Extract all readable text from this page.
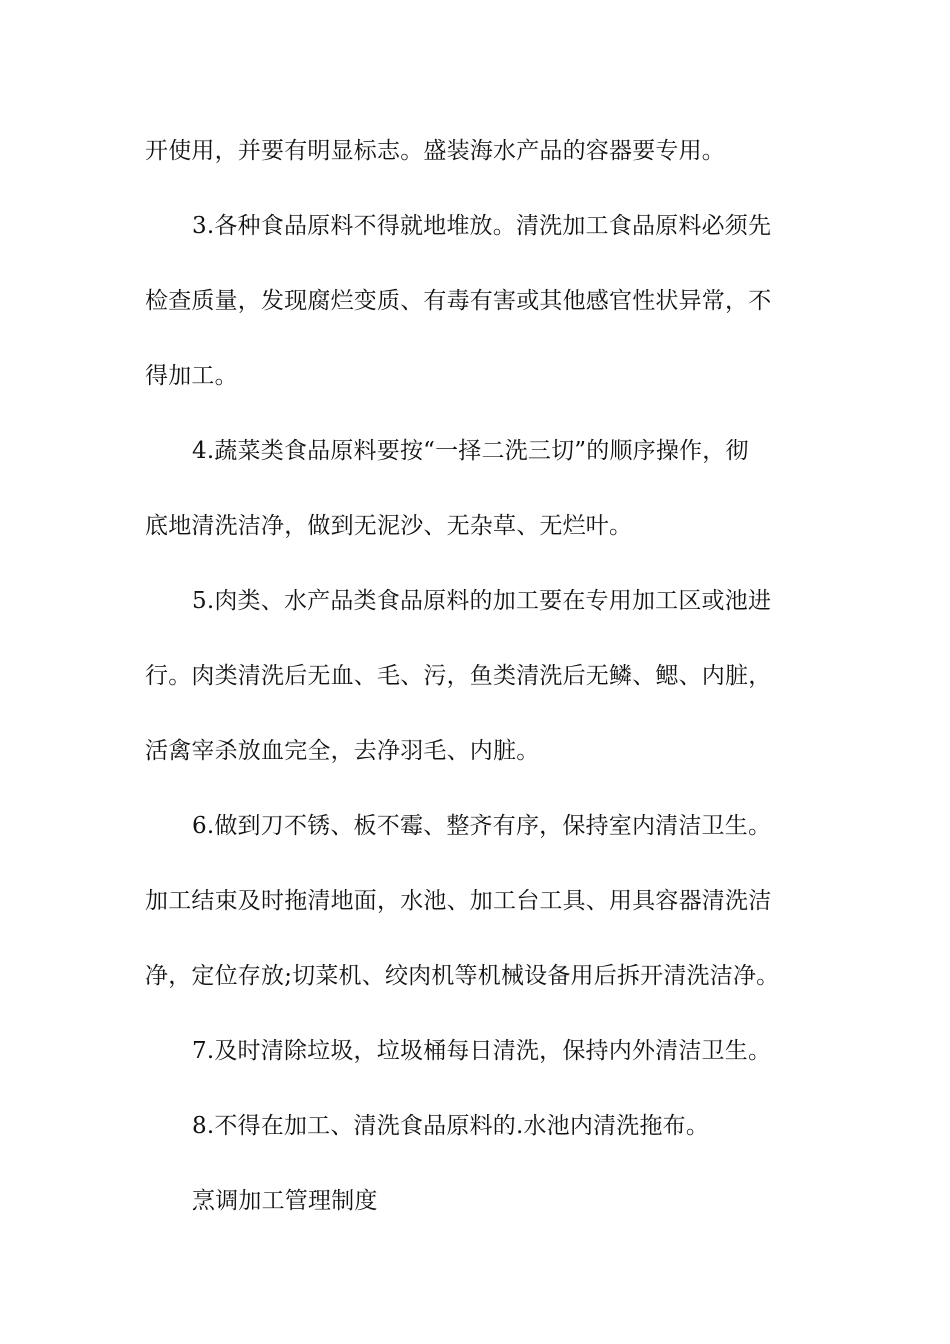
开使用，并要有明显标志。盛装海水产品的容器要专用。
3.各种食品原料不得就地堆放。清洗加工食品原料必须先
检查质量，发现腐烂变质、有毒有害或其他感官性状异常，不
得加工。
4.蔬菜类食品原料要按“一择二洗三切”的顺序操作，彻
底地清洗洁净，做到无泥沙、无杂草、无烂叶。
5.肉类、水产品类食品原料的加工要在专用加工区或池进
行。肉类清洗后无血、毛、污，鱼类清洗后无鳞、鳃、内脏，
活禽宰杀放血完全，去净羽毛、内脏。
6.做到刀不锈、板不霉、整齐有序，保持室内清洁卫生。
加工结束及时拖清地面，水池、加工台工具、用具容器清洗洁
净，定位存放;切菜机、绞肉机等机械设备用后拆开清洗洁净。
7.及时清除垃圾，垃圾桶每日清洗，保持内外清洁卫生。
8.不得在加工、清洗食品原料的.水池内清洗拖布。
烹调加工管理制度
